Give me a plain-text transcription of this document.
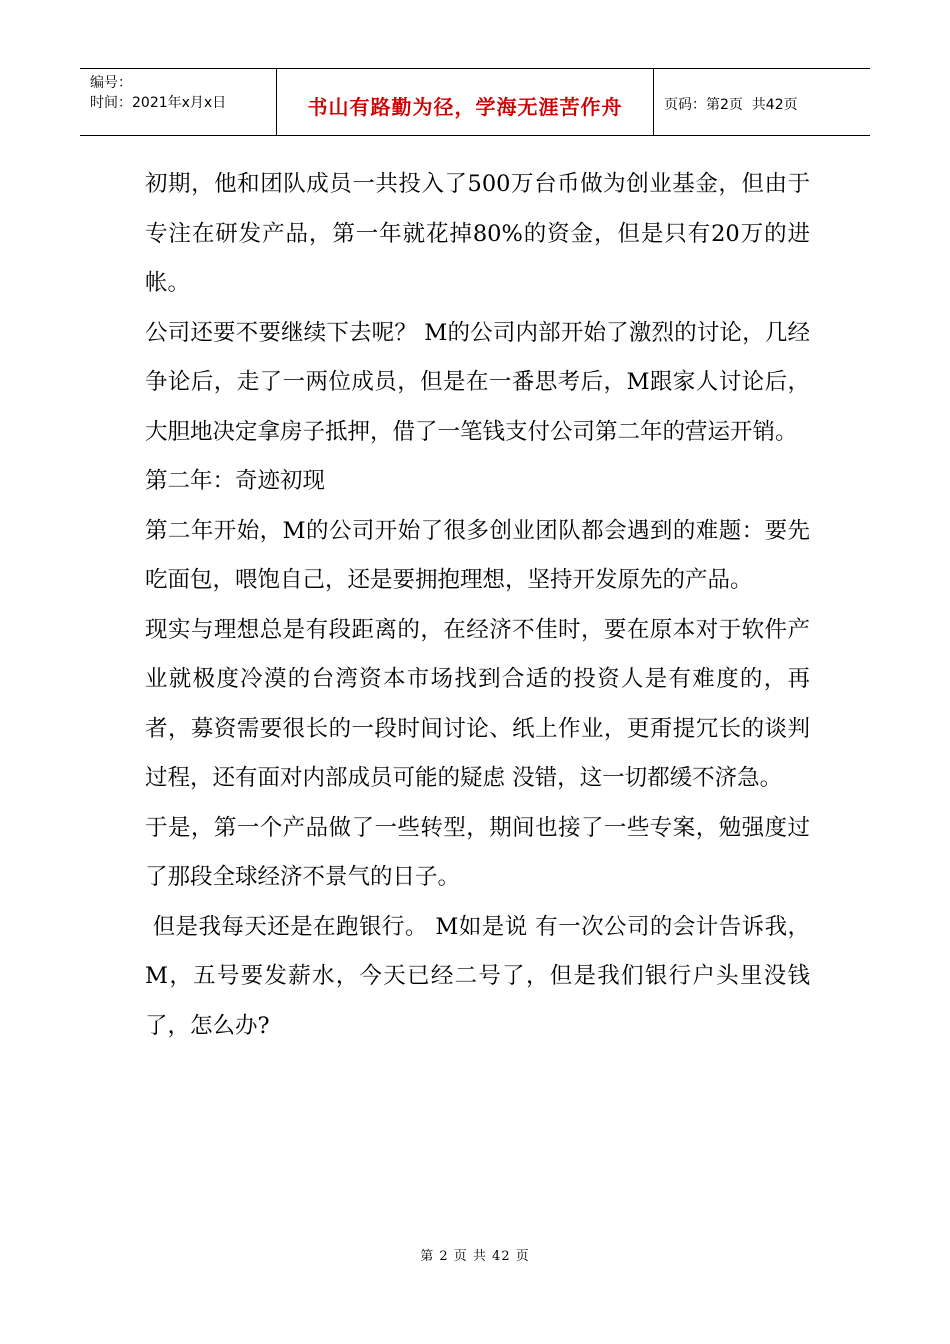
编号：
时间：2021年x月x日	书山有路勤为径，学海无涯苦作舟	页码：第2页  共42页

初期，他和团队成员一共投入了500万台币做为创业基金，但由于专注在研发产品，第一年就花掉80%的资金，但是只有20万的进帐。

公司还要不要继续下去呢？ M的公司内部开始了激烈的讨论，几经争论后，走了一两位成员，但是在一番思考后，M跟家人讨论后，大胆地决定拿房子抵押，借了一笔钱支付公司第二年的营运开销。

第二年：奇迹初现

第二年开始，M的公司开始了很多创业团队都会遇到的难题：要先吃面包，喂饱自己，还是要拥抱理想，坚持开发原先的产品。

现实与理想总是有段距离的，在经济不佳时，要在原本对于软件产业就极度冷漠的台湾资本市场找到合适的投资人是有难度的，再者，募资需要很长的一段时间讨论、纸上作业，更甭提冗长的谈判过程，还有面对内部成员可能的疑虑 没错，这一切都缓不济急。

于是，第一个产品做了一些转型，期间也接了一些专案，勉强度过了那段全球经济不景气的日子。

但是我每天还是在跑银行。 M如是说 有一次公司的会计告诉我， M，五号要发薪水，今天已经二号了，但是我们银行户头里没钱了，怎么办?

第 2 页 共 42 页
